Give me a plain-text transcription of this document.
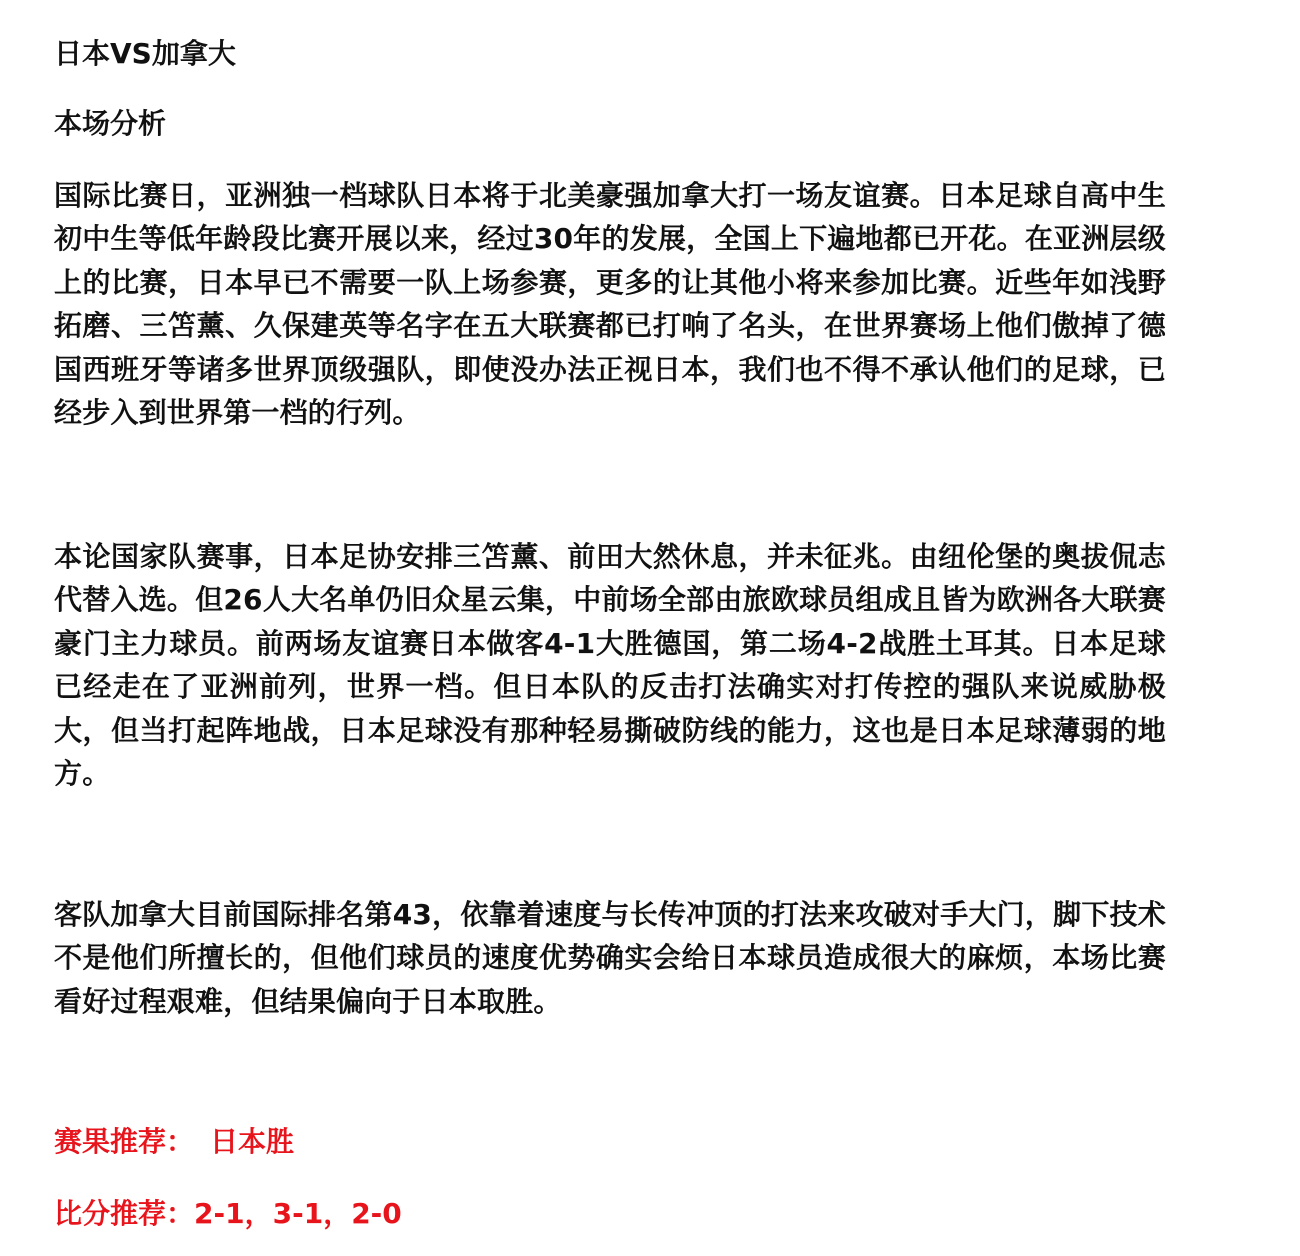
日本VS加拿大
本场分析

国际比赛日，亚洲独一档球队日本将于北美豪强加拿大打一场友谊赛。日本足球自高中生初中生等低年龄段比赛开展以来，经过30年的发展，全国上下遍地都已开花。在亚洲层级上的比赛，日本早已不需要一队上场参赛，更多的让其他小将来参加比赛。近些年如浅野拓磨、三笘薰、久保建英等名字在五大联赛都已打响了名头，在世界赛场上他们傲掉了德国西班牙等诸多世界顶级强队，即使没办法正视日本，我们也不得不承认他们的足球，已经步入到世界第一档的行列。

本论国家队赛事，日本足协安排三笘薰、前田大然休息，并未征兆。由纽伦堡的奥拔侃志代替入选。但26人大名单仍旧众星云集，中前场全部由旅欧球员组成且皆为欧洲各大联赛豪门主力球员。前两场友谊赛日本做客4-1大胜德国，第二场4-2战胜土耳其。日本足球已经走在了亚洲前列，世界一档。但日本队的反击打法确实对打传控的强队来说威胁极大，但当打起阵地战，日本足球没有那种轻易撕破防线的能力，这也是日本足球薄弱的地方。

客队加拿大目前国际排名第43，依靠着速度与长传冲顶的打法来攻破对手大门，脚下技术不是他们所擅长的，但他们球员的速度优势确实会给日本球员造成很大的麻烦，本场比赛看好过程艰难，但结果偏向于日本取胜。

赛果推荐： 日本胜
比分推荐：2-1，3-1，2-0
